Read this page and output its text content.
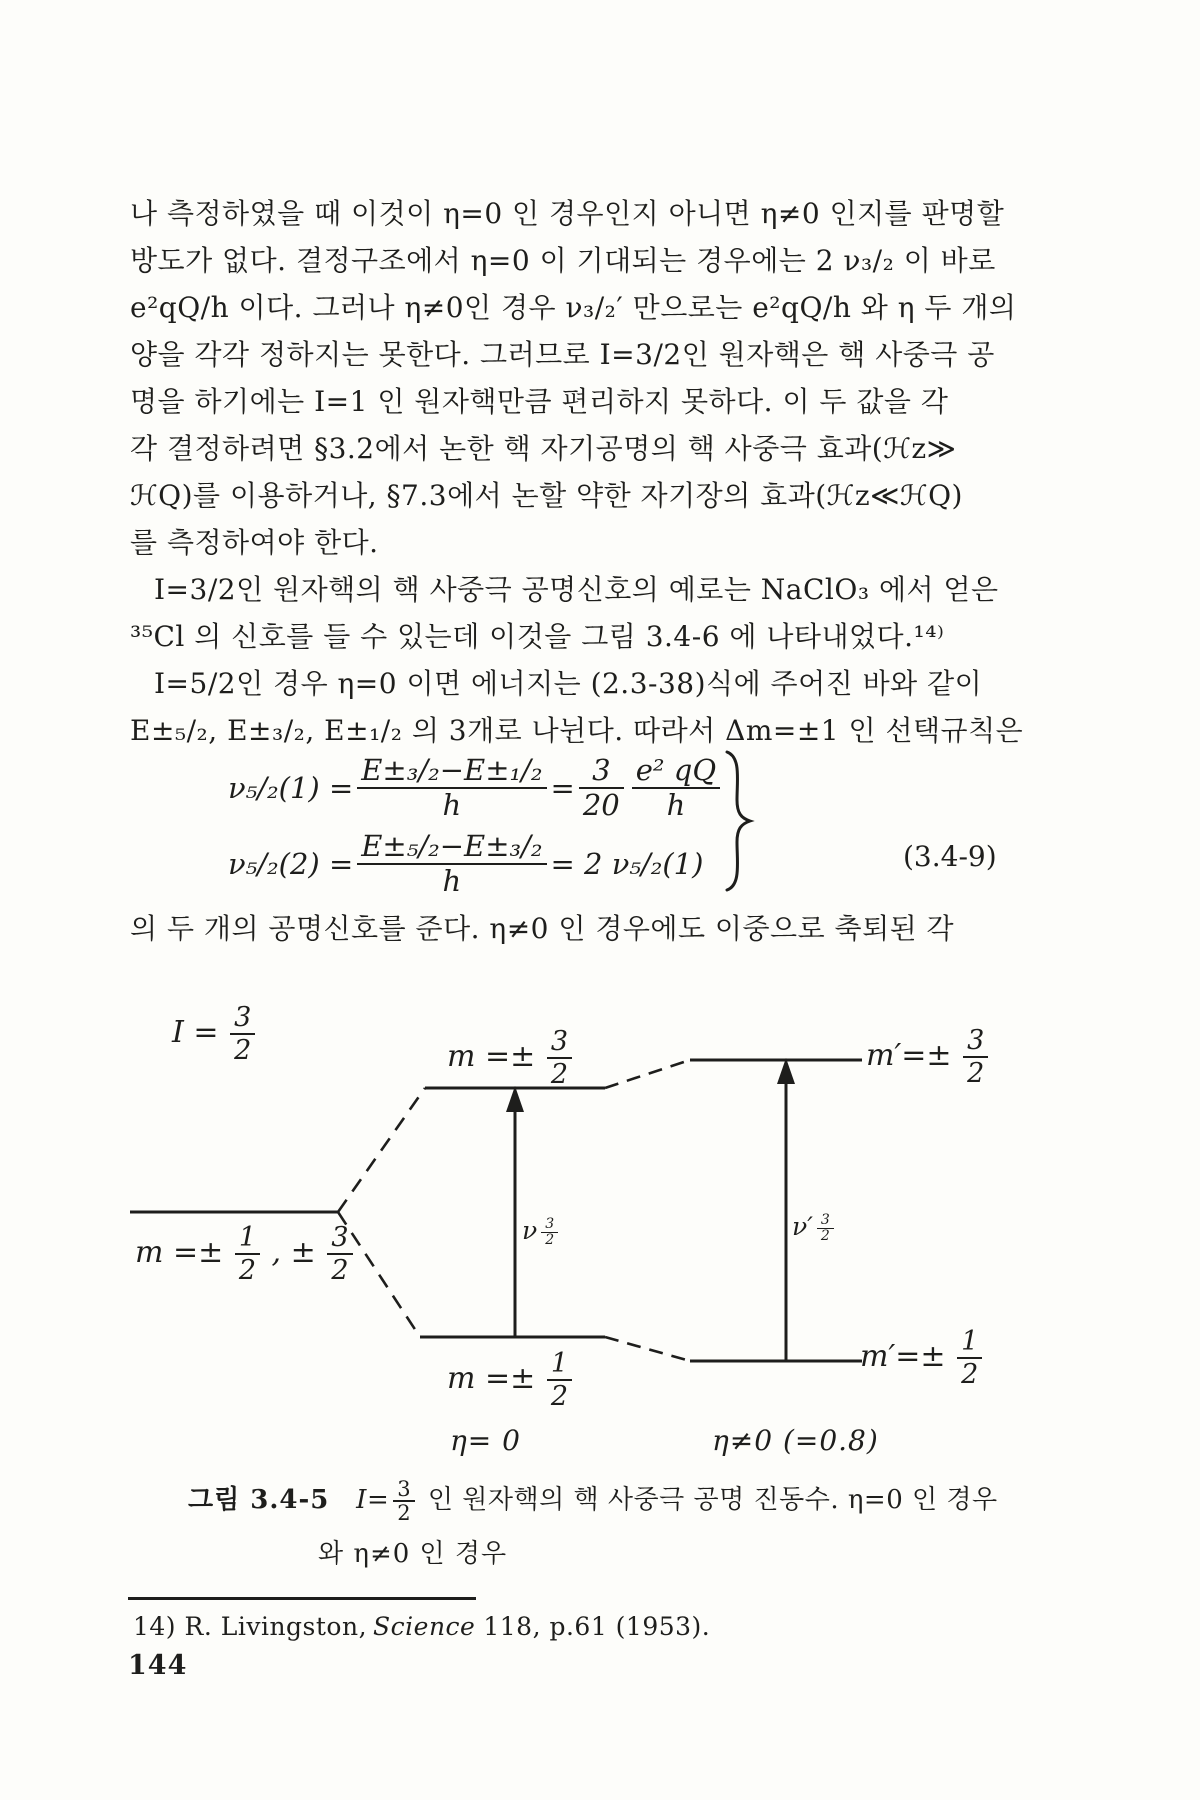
나 측정하였을 때 이것이 η=0 인 경우인지 아니면 η≠0 인지를 판명할
방도가 없다. 결정구조에서 η=0 이 기대되는 경우에는 2 ν₃/₂ 이 바로
e²qQ/h 이다. 그러나 η≠0인 경우 ν₃/₂′ 만으로는 e²qQ/h 와 η 두 개의
양을 각각 정하지는 못한다. 그러므로 I=3/2인 원자핵은 핵 사중극 공
명을 하기에는 I=1 인 원자핵만큼 편리하지 못하다. 이 두 값을 각
각 결정하려면 §3.2에서 논한 핵 자기공명의 핵 사중극 효과(ℋz≫
ℋQ)를 이용하거나, §7.3에서 논할 약한 자기장의 효과(ℋz≪ℋQ)
를 측정하여야 한다.
I=3/2인 원자핵의 핵 사중극 공명신호의 예로는 NaClO₃ 에서 얻은
³⁵Cl 의 신호를 들 수 있는데 이것을 그림 3.4-6 에 나타내었다.¹⁴⁾
I=5/2인 경우 η=0 이면 에너지는 (2.3-38)식에 주어진 바와 같이
E±₅/₂, E±₃/₂, E±₁/₂ 의 3개로 나뉜다. 따라서 Δm=±1 인 선택규칙은
$\nu_5/_2(1) = \frac{\text{E±₃/₂−E±₁/₂}}{h} = \frac{3}{20} \frac{\text{e² qQ}}{h}$
$\nu_5/_2(2) = \frac{\text{E±₅/₂−E±₃/₂}}{h} = 2$ ν₅/₂(1)	(3.4-9)
의 두 개의 공명신호를 준다. η≠0 인 경우에도 이중으로 축퇴된 각
$I = \frac{3}{2}$
$m =\pm \frac{1}{2}$ , ± $\frac{3}{2}$
$m =\pm \frac{3}{2}$
$m =\pm \frac{1}{2}$
$m'=\pm \frac{3}{2}$
$m'=\pm \frac{1}{2}$
ν $\frac{3}{2}$	$\nu' \frac{3}{2}$
η= 0	η≠0 (=0.8)
그림 3.4-5 $I= \frac{3}{2}$ 인 원자핵의 핵 사중극 공명 진동수. η=0 인 경우
와 η≠0 인 경우
14) R. Livingston, Science 118, p.61 (1953).
144
